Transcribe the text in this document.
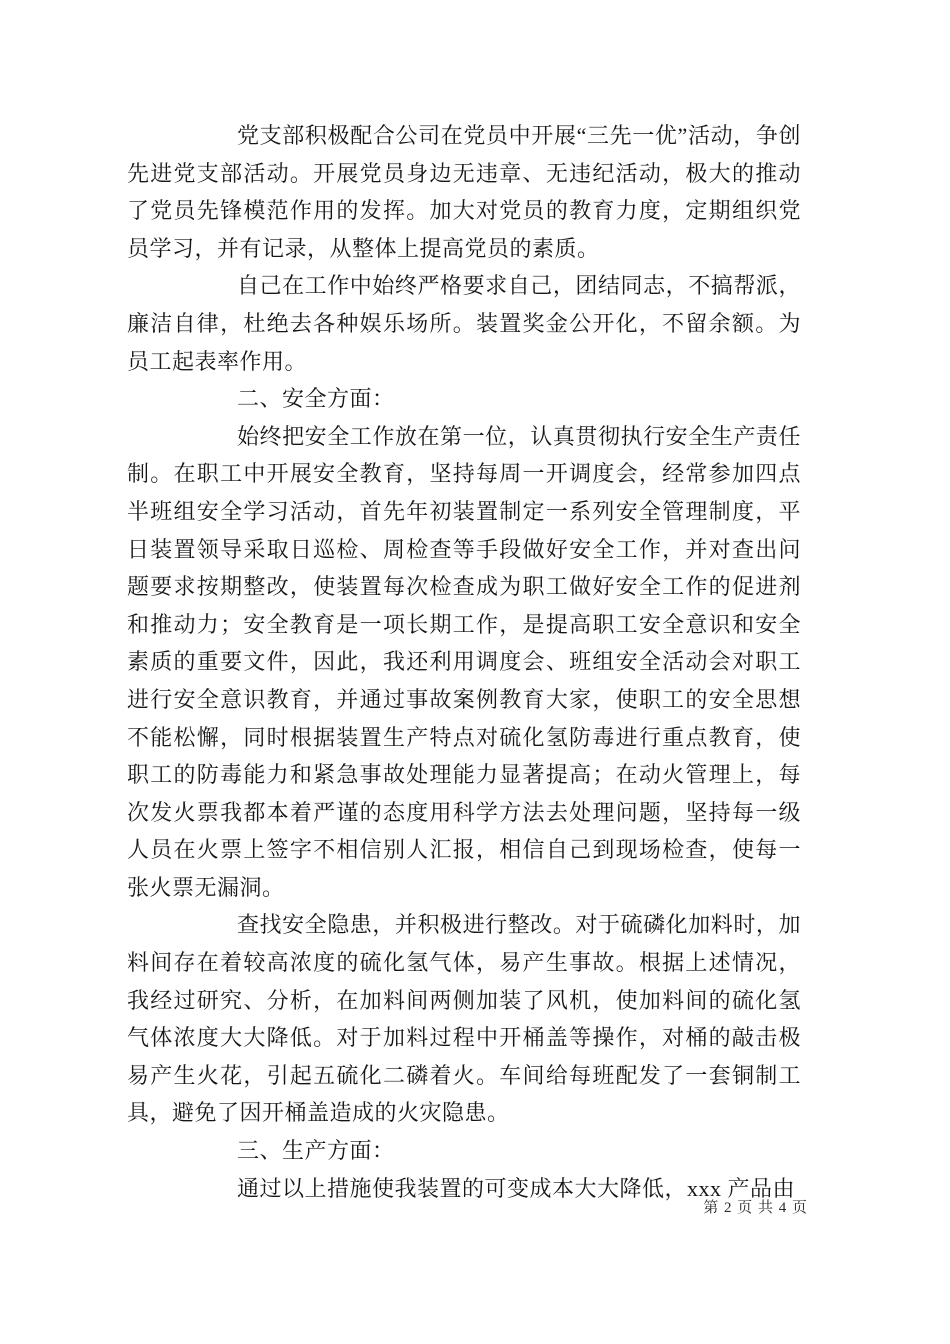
党支部积极配合公司在党员中开展“三先一优”活动，争创先进党支部活动。开展党员身边无违章、无违纪活动，极大的推动了党员先锋模范作用的发挥。加大对党员的教育力度，定期组织党员学习，并有记录，从整体上提高党员的素质。

自己在工作中始终严格要求自己，团结同志，不搞帮派，廉洁自律，杜绝去各种娱乐场所。装置奖金公开化，不留余额。为员工起表率作用。

二、安全方面：

始终把安全工作放在第一位，认真贯彻执行安全生产责任制。在职工中开展安全教育，坚持每周一开调度会，经常参加四点半班组安全学习活动，首先年初装置制定一系列安全管理制度，平日装置领导采取日巡检、周检查等手段做好安全工作，并对查出问题要求按期整改，使装置每次检查成为职工做好安全工作的促进剂和推动力；安全教育是一项长期工作，是提高职工安全意识和安全素质的重要文件，因此，我还利用调度会、班组安全活动会对职工进行安全意识教育，并通过事故案例教育大家，使职工的安全思想不能松懈，同时根据装置生产特点对硫化氢防毒进行重点教育，使职工的防毒能力和紧急事故处理能力显著提高；在动火管理上，每次发火票我都本着严谨的态度用科学方法去处理问题，坚持每一级人员在火票上签字不相信别人汇报，相信自己到现场检查，使每一张火票无漏洞。

查找安全隐患，并积极进行整改。对于硫磷化加料时，加料间存在着较高浓度的硫化氢气体，易产生事故。根据上述情况，我经过研究、分析，在加料间两侧加装了风机，使加料间的硫化氢气体浓度大大降低。对于加料过程中开桶盖等操作，对桶的敲击极易产生火花，引起五硫化二磷着火。车间给每班配发了一套铜制工具，避免了因开桶盖造成的火灾隐患。

三、生产方面：

通过以上措施使我装置的可变成本大大降低，xxx 产品由

第 2 页 共 4 页
